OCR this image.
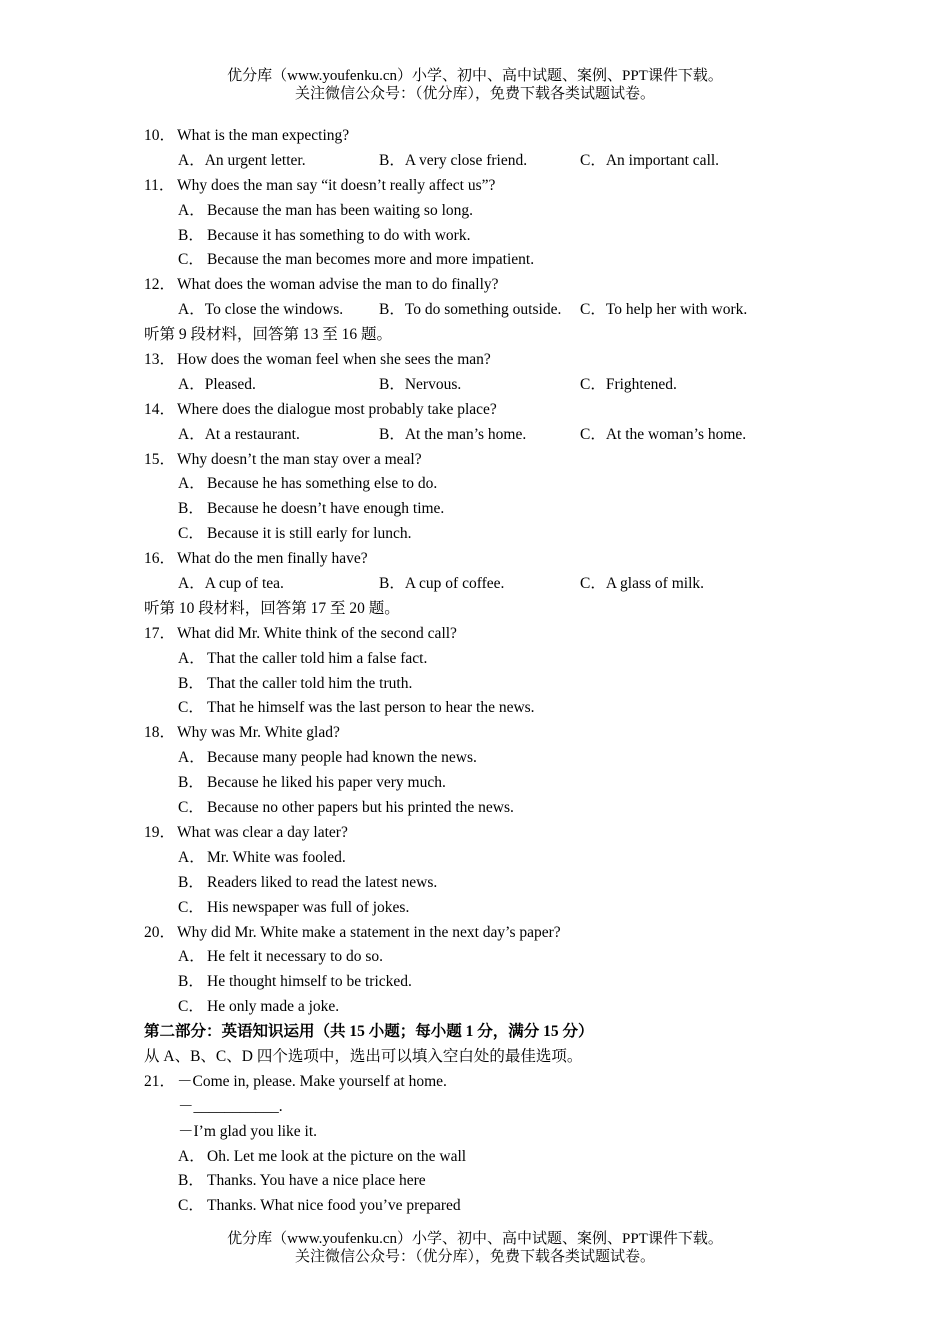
优分库（www.youfenku.cn）小学、初中、高中试题、案例、PPT课件下载。
关注微信公众号：（优分库），免费下载各类试题试卷。
10． What is the man expecting?
A．An urgent letter.	B．A very close friend.	C．An important call.
11． Why does the man say “it doesn’t really affect us”?
A． Because the man has been waiting so long.
B． Because it has something to do with work.
C． Because the man becomes more and more impatient.
12． What does the woman advise the man to do finally?
A．To close the windows. B．To do something outside. C．To help her with work.
听第 9 段材料，回答第 13 至 16 题。
13． How does the woman feel when she sees the man?
A．Pleased.	B．Nervous.	C．Frightened.
14． Where does the dialogue most probably take place?
A．At a restaurant.	B．At the man’s home.	C．At the woman’s home.
15． Why doesn’t the man stay over a meal?
A． Because he has something else to do.
B． Because he doesn’t have enough time.
C． Because it is still early for lunch.
16． What do the men finally have?
A．A cup of tea.	B．A cup of coffee.	C．A glass of milk.
听第 10 段材料，回答第 17 至 20 题。
17． What did Mr. White think of the second call?
A． That the caller told him a false fact.
B． That the caller told him the truth.
C． That he himself was the last person to hear the news.
18． Why was Mr. White glad?
A． Because many people had known the news.
B． Because he liked his paper very much.
C． Because no other papers but his printed the news.
19． What was clear a day later?
A． Mr. White was fooled.
B． Readers liked to read the latest news.
C． His newspaper was full of jokes.
20． Why did Mr. White make a statement in the next day’s paper?
A． He felt it necessary to do so.
B． He thought himself to be tricked.
C． He only made a joke.
第二部分：英语知识运用（共 15 小题；每小题 1 分，满分 15 分）
从 A、B、C、D 四个选项中，选出可以填入空白处的最佳选项。
21． －Come in, please. Make yourself at home.
－___________.
－I’m glad you like it.
A． Oh. Let me look at the picture on the wall
B． Thanks. You have a nice place here
C． Thanks. What nice food you’ve prepared
优分库（www.youfenku.cn）小学、初中、高中试题、案例、PPT课件下载。
关注微信公众号：（优分库），免费下载各类试题试卷。
